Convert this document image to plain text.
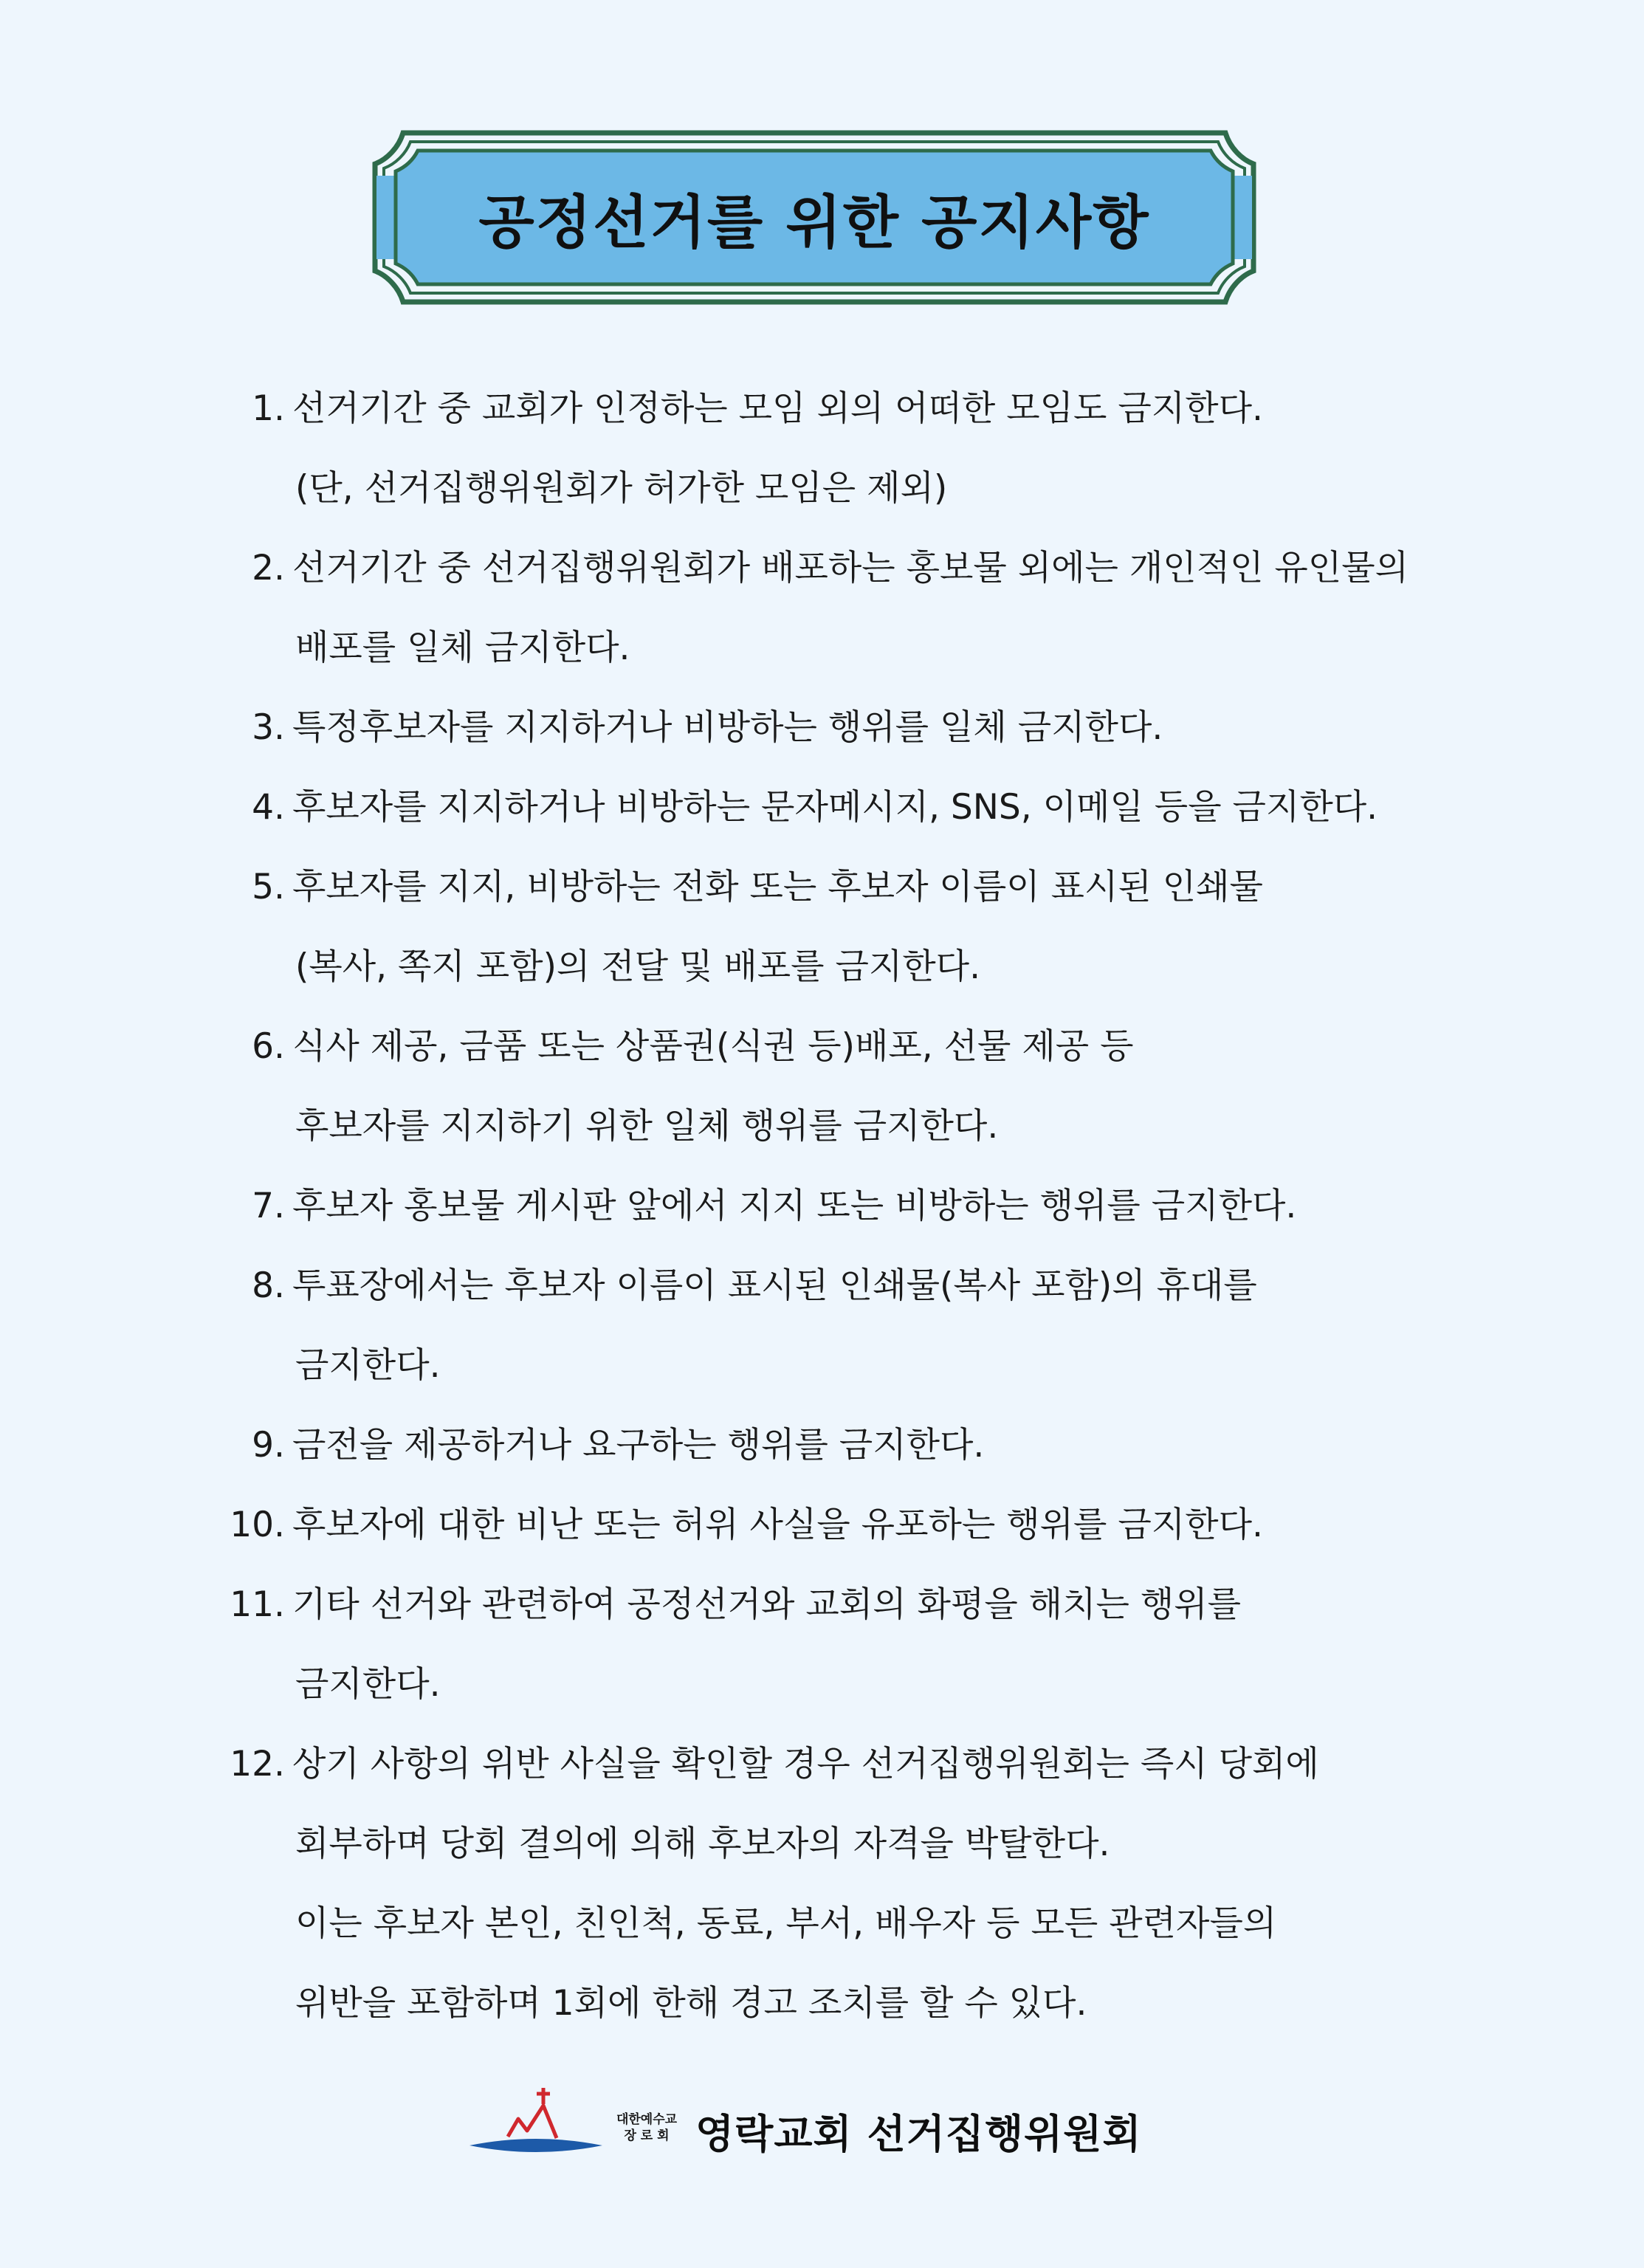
공정선거를 위한 공지사항
1. 선거기간 중 교회가 인정하는 모임 외의 어떠한 모임도 금지한다.
(단, 선거집행위원회가 허가한 모임은 제외)
2. 선거기간 중 선거집행위원회가 배포하는 홍보물 외에는 개인적인 유인물의
배포를 일체 금지한다.
3. 특정후보자를 지지하거나 비방하는 행위를 일체 금지한다.
4. 후보자를 지지하거나 비방하는 문자메시지, SNS, 이메일 등을 금지한다.
5. 후보자를 지지, 비방하는 전화 또는 후보자 이름이 표시된 인쇄물
(복사, 쪽지 포함)의 전달 및 배포를 금지한다.
6. 식사 제공, 금품 또는 상품권(식권 등)배포, 선물 제공 등
후보자를 지지하기 위한 일체 행위를 금지한다.
7. 후보자 홍보물 게시판 앞에서 지지 또는 비방하는 행위를 금지한다.
8. 투표장에서는 후보자 이름이 표시된 인쇄물(복사 포함)의 휴대를
금지한다.
9. 금전을 제공하거나 요구하는 행위를 금지한다.
10. 후보자에 대한 비난 또는 허위 사실을 유포하는 행위를 금지한다.
11. 기타 선거와 관련하여 공정선거와 교회의 화평을 해치는 행위를
금지한다.
12. 상기 사항의 위반 사실을 확인할 경우 선거집행위원회는 즉시 당회에
회부하며 당회 결의에 의해 후보자의 자격을 박탈한다.
이는 후보자 본인, 친인척, 동료, 부서, 배우자 등 모든 관련자들의
위반을 포함하며 1회에 한해 경고 조치를 할 수 있다.
대한예수교
장 로 회 영락교회 선거집행위원회
